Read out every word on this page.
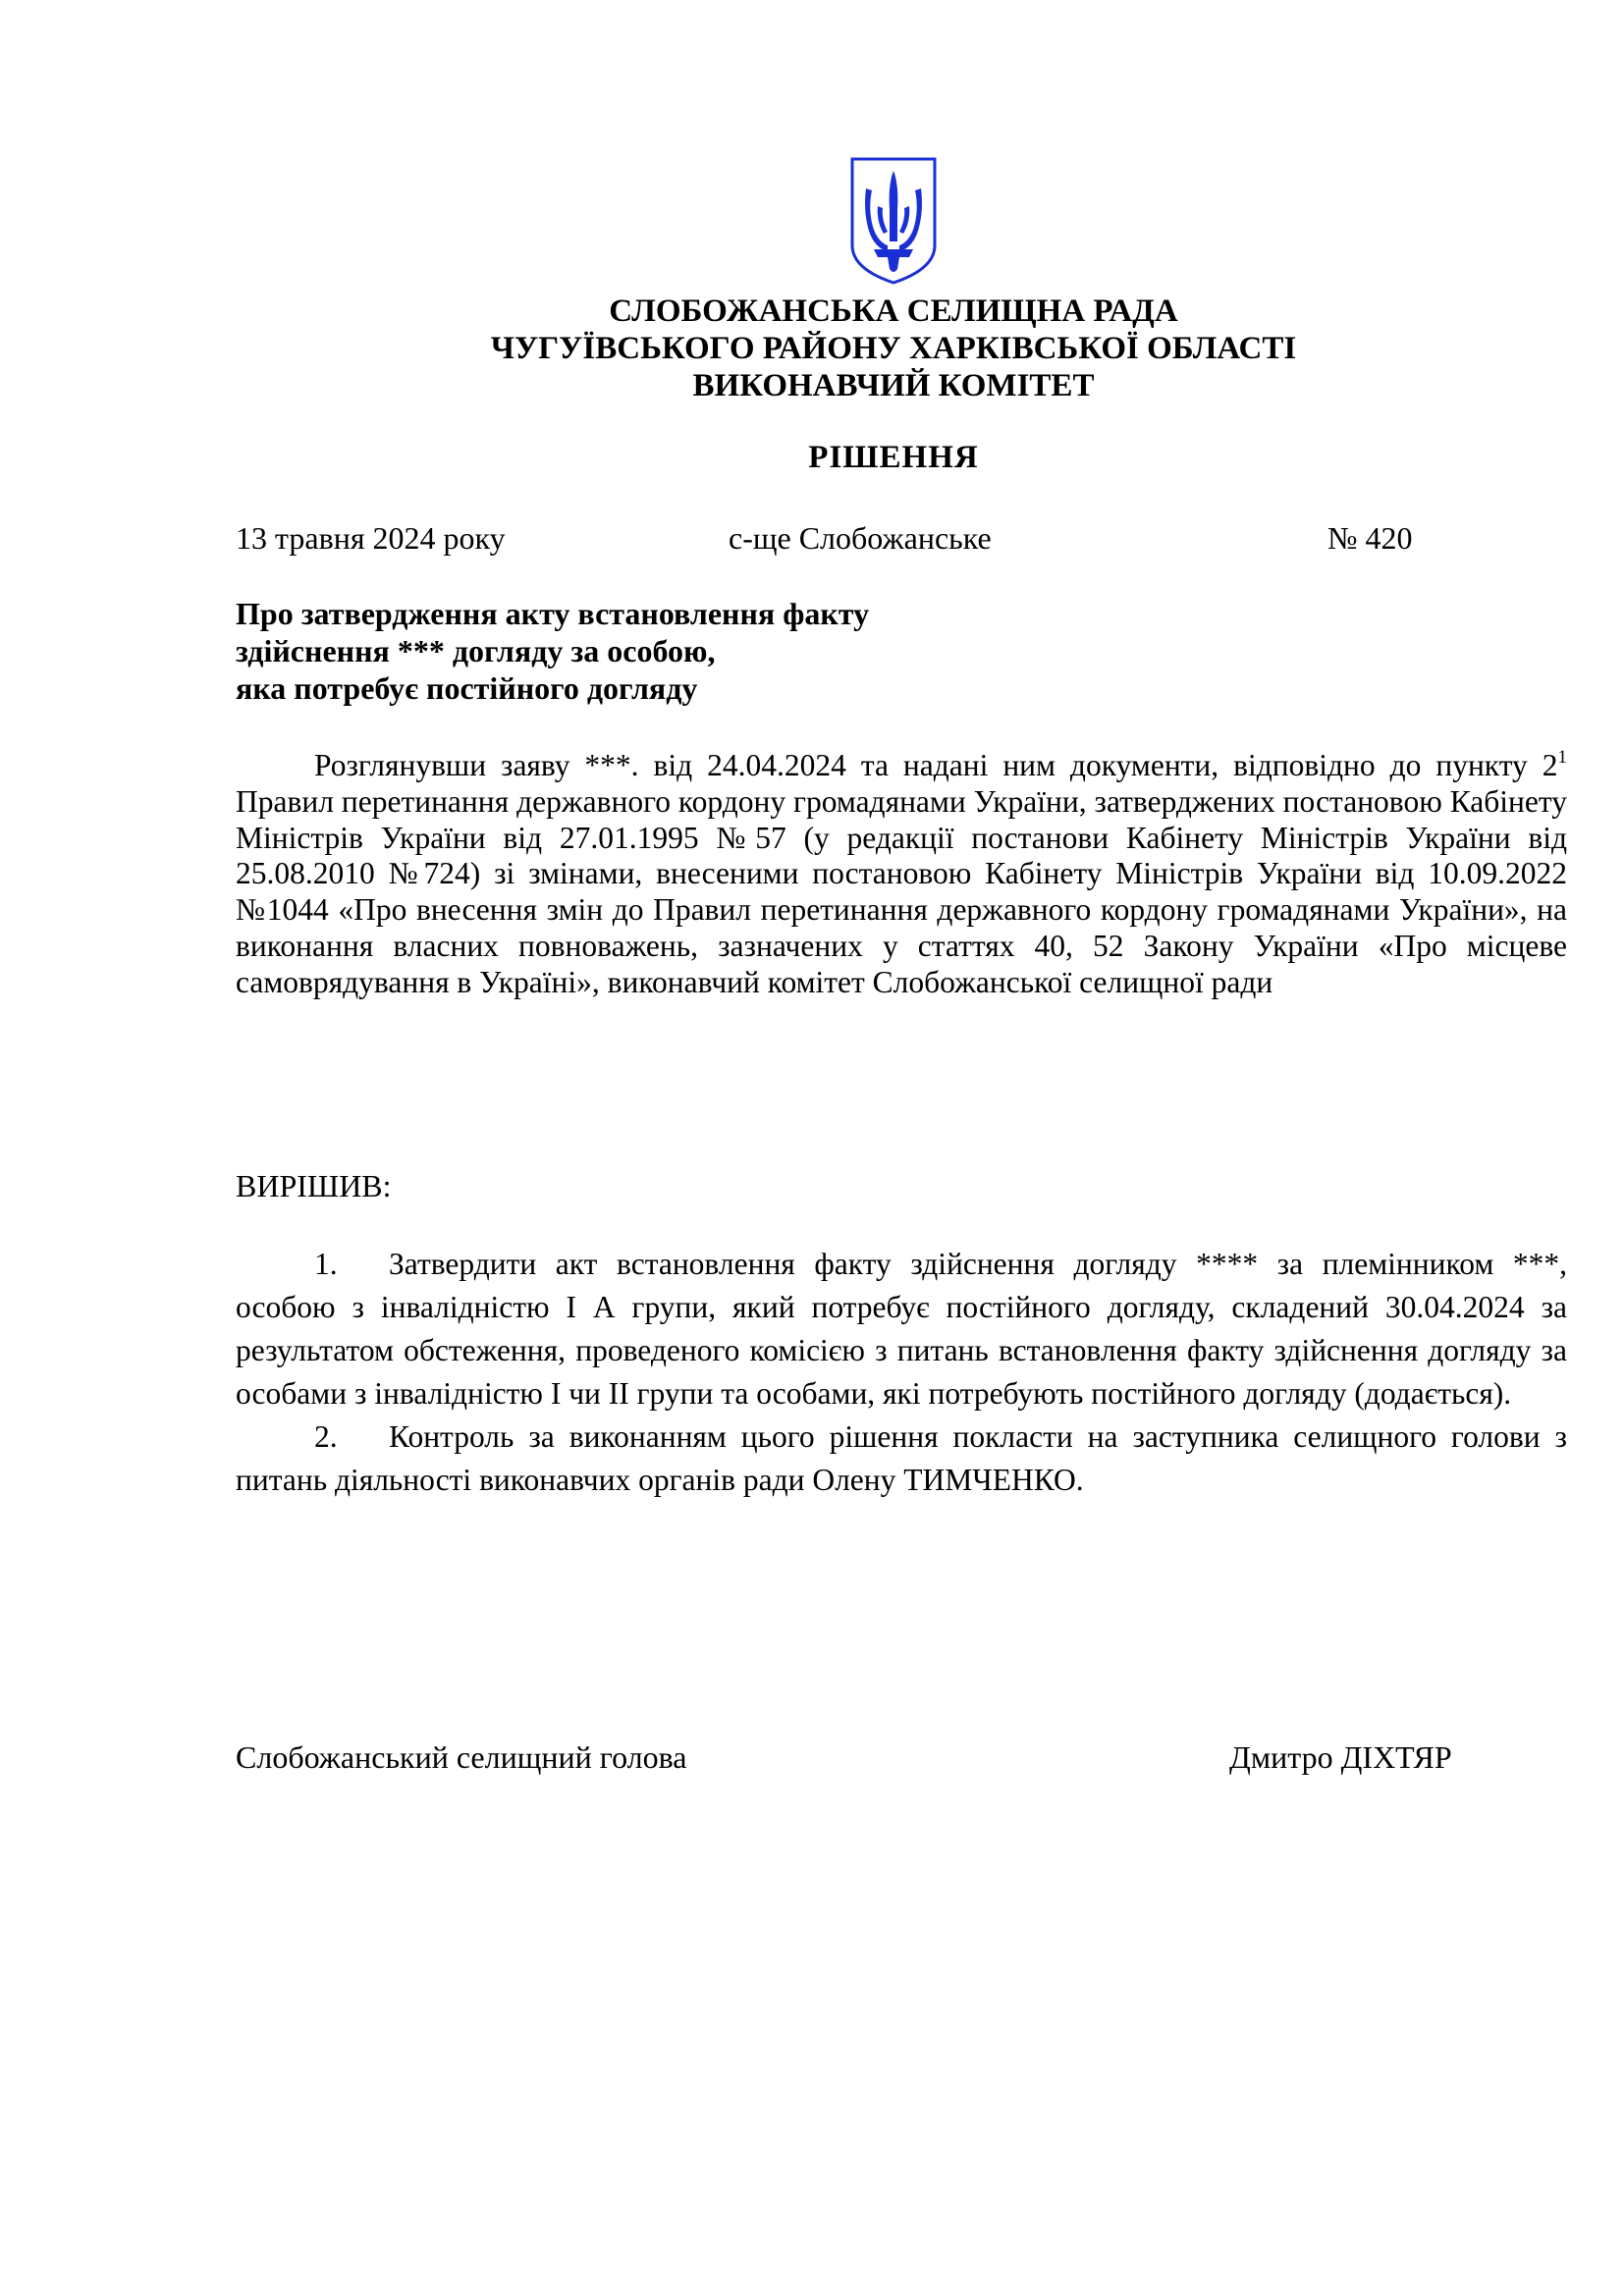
СЛОБОЖАНСЬКА СЕЛИЩНА РАДА
ЧУГУЇВСЬКОГО РАЙОНУ ХАРКІВСЬКОЇ ОБЛАСТІ
ВИКОНАВЧИЙ КОМІТЕТ
РІШЕННЯ
13 травня 2024 року	с-ще Слобожанське	№ 420
Про затвердження акту встановлення факту
здійснення *** догляду за особою,
яка потребує постійного догляду
Розглянувши заяву ***. від 24.04.2024 та надані ним документи, відповідно до пункту $2^1$ Правил перетинання державного кордону громадянами України, затверджених постановою Кабінету Міністрів України від 27.01.1995 №57 (у редакції постанови Кабінету Міністрів України від 25.08.2010 №724) зі змінами, внесеними постановою Кабінету Міністрів України від 10.09.2022 №1044 «Про внесення змін до Правил перетинання державного кордону громадянами України», на виконання власних повноважень, зазначених у статтях 40, 52 Закону України «Про місцеве самоврядування в Україні», виконавчий комітет Слобожанської селищної ради
ВИРІШИВ:

1. Затвердити акт встановлення факту здійснення догляду **** за племінником ***, особою з інвалідністю І А групи, який потребує постійного догляду, складений 30.04.2024 за результатом обстеження, проведеного комісією з питань встановлення факту здійснення догляду за особами з інвалідністю І чи ІІ групи та особами, які потребують постійного догляду (додається).

2. Контроль за виконанням цього рішення покласти на заступника селищного голови з питань діяльності виконавчих органів ради Олену ТИМЧЕНКО.

Слобожанський селищний голова	Дмитро ДІХТЯР
